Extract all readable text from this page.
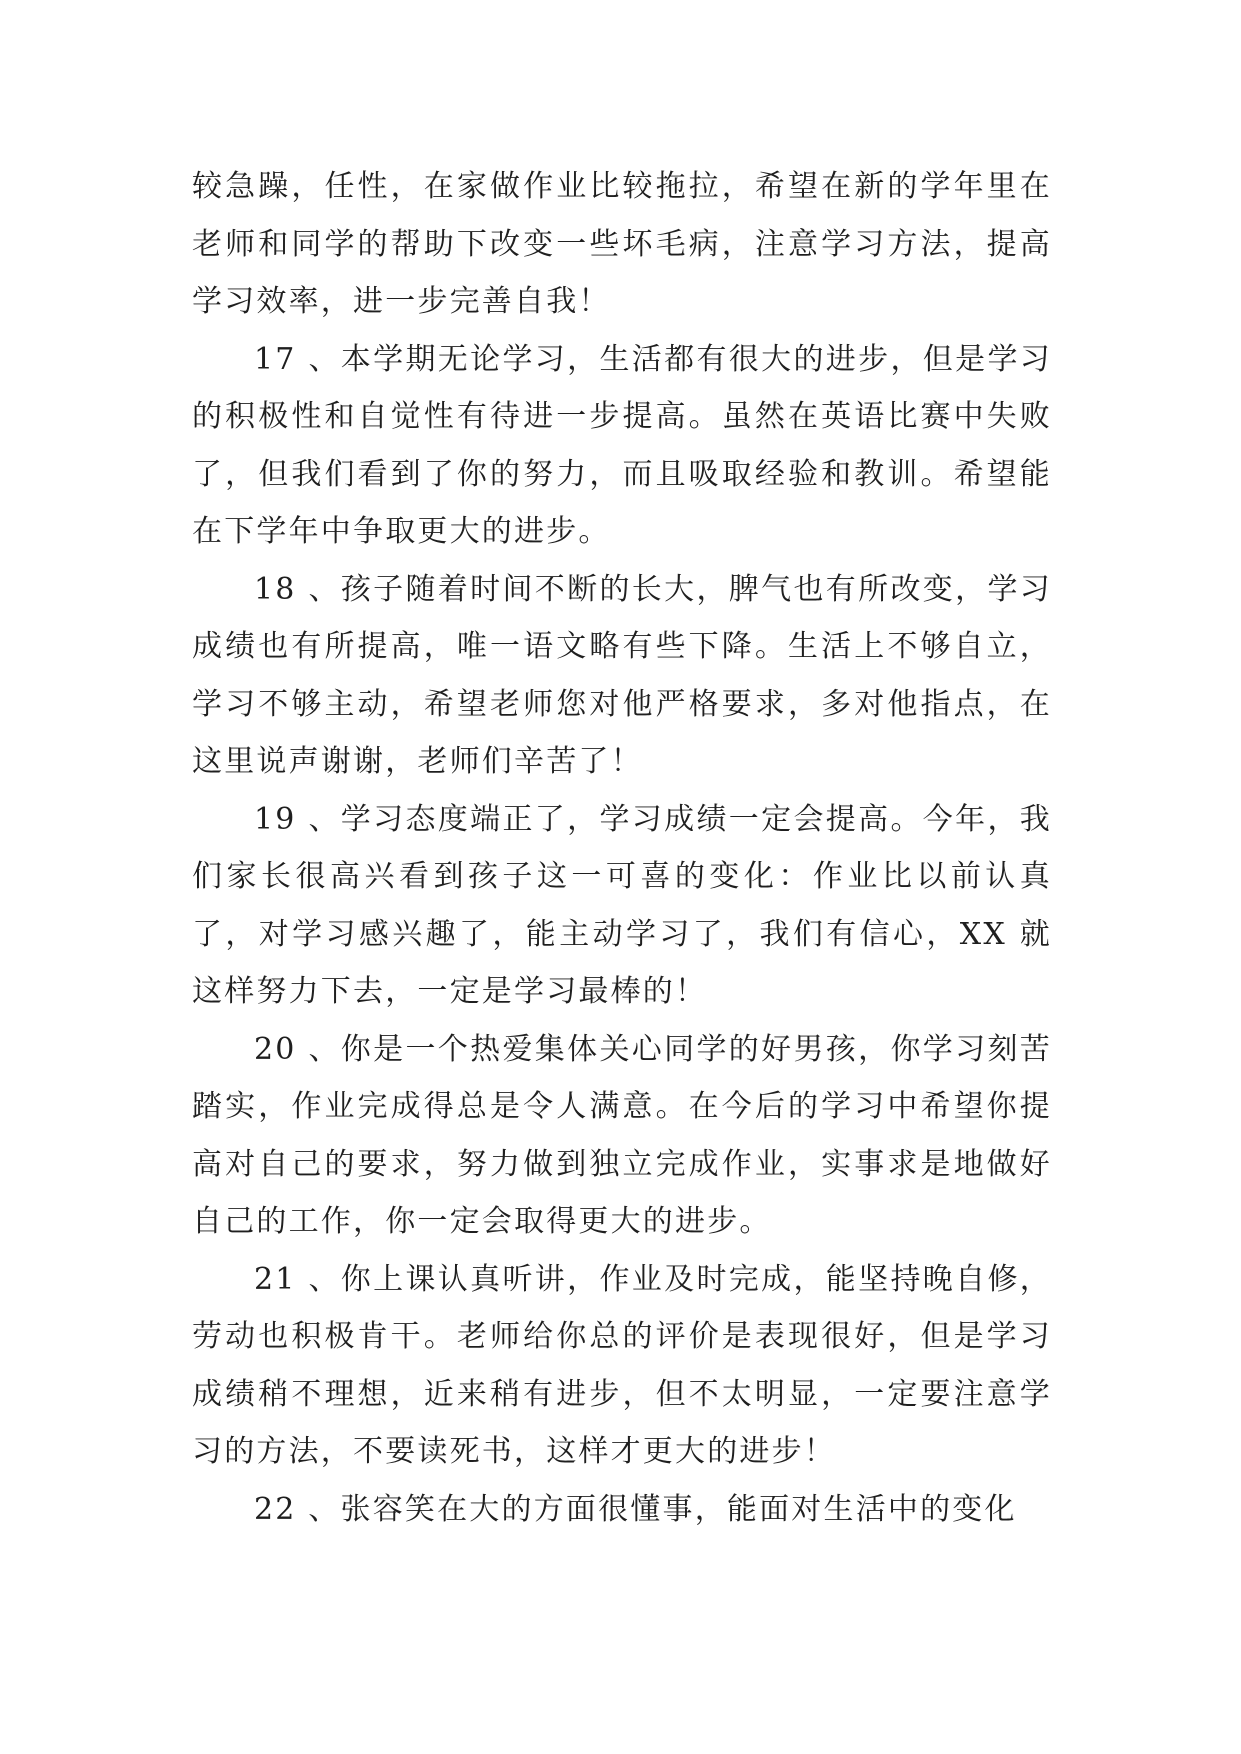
较急躁，任性，在家做作业比较拖拉，希望在新的学年里在老师和同学的帮助下改变一些坏毛病，注意学习方法，提高学习效率，进一步完善自我！

17 、本学期无论学习，生活都有很大的进步，但是学习的积极性和自觉性有待进一步提高。虽然在英语比赛中失败了，但我们看到了你的努力，而且吸取经验和教训。希望能在下学年中争取更大的进步。

18 、孩子随着时间不断的长大，脾气也有所改变，学习成绩也有所提高，唯一语文略有些下降。生活上不够自立，学习不够主动，希望老师您对他严格要求，多对他指点，在这里说声谢谢，老师们辛苦了！

19 、学习态度端正了，学习成绩一定会提高。今年，我们家长很高兴看到孩子这一可喜的变化：作业比以前认真了，对学习感兴趣了，能主动学习了，我们有信心，XX 就这样努力下去，一定是学习最棒的！

20 、你是一个热爱集体关心同学的好男孩，你学习刻苦踏实，作业完成得总是令人满意。在今后的学习中希望你提高对自己的要求，努力做到独立完成作业，实事求是地做好自己的工作，你一定会取得更大的进步。

21 、你上课认真听讲，作业及时完成，能坚持晚自修，劳动也积极肯干。老师给你总的评价是表现很好，但是学习成绩稍不理想，近来稍有进步，但不太明显，一定要注意学习的方法，不要读死书，这样才更大的进步！

22 、张容笑在大的方面很懂事，能面对生活中的变化
